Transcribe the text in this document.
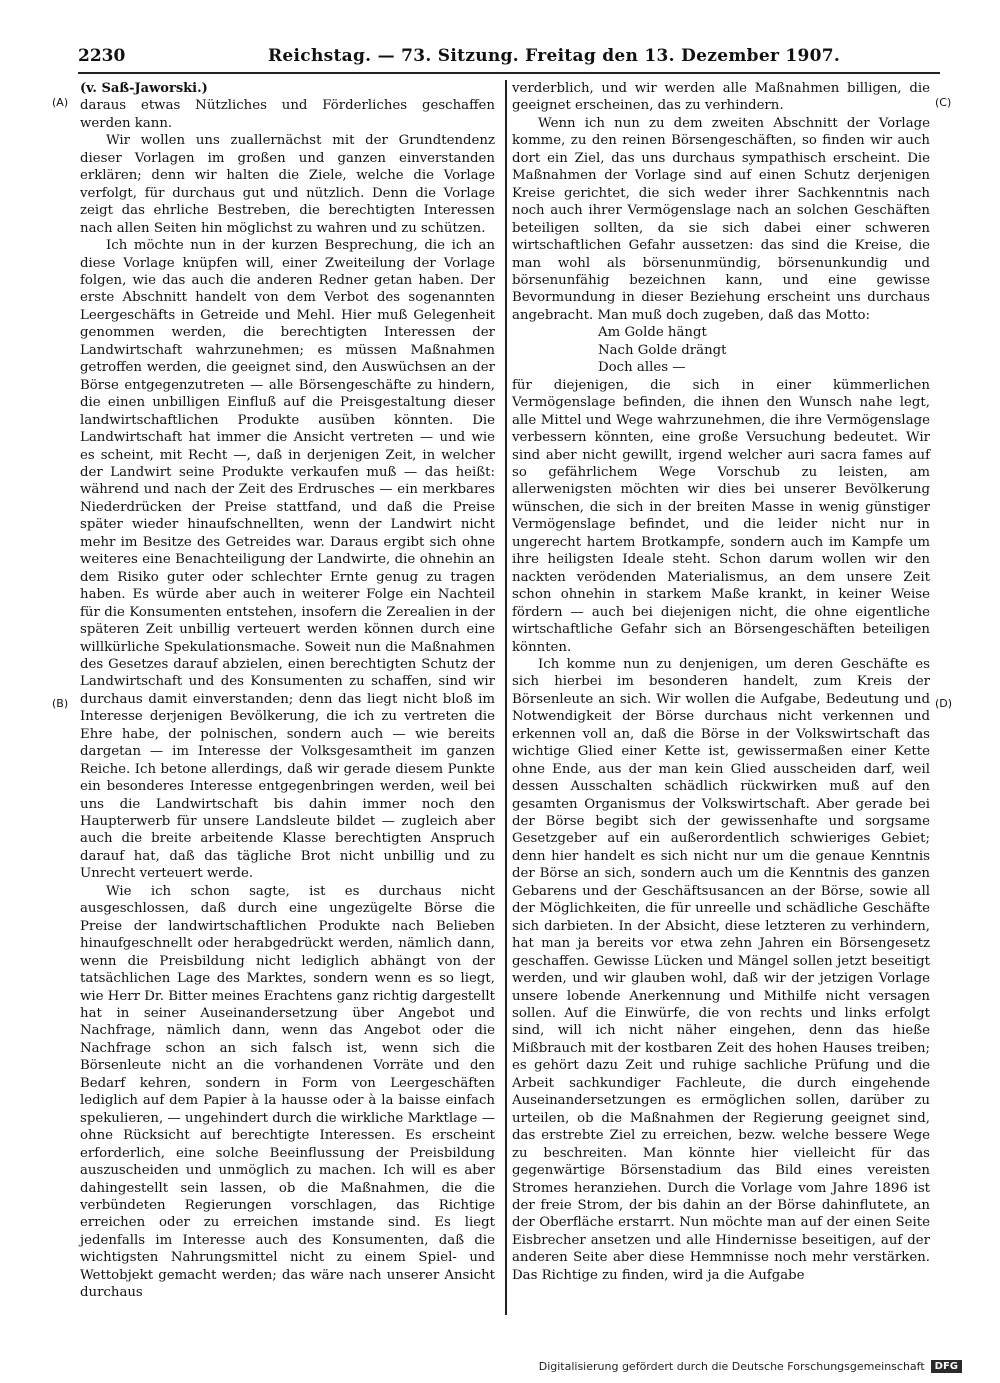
2230	Reichstag. — 73. Sitzung. Freitag den 13. Dezember 1907.
(A)
(B)
(C)
(D)

(v. Saß-Jaworski.)

daraus etwas Nützliches und Förderliches geschaffen werden kann.

Wir wollen uns zuallernächst mit der Grundtendenz dieser Vorlagen im großen und ganzen einverstanden erklären; denn wir halten die Ziele, welche die Vorlage verfolgt, für durchaus gut und nützlich. Denn die Vorlage zeigt das ehrliche Bestreben, die berechtigten Interessen nach allen Seiten hin möglichst zu wahren und zu schützen.

Ich möchte nun in der kurzen Besprechung, die ich an diese Vorlage knüpfen will, einer Zweiteilung der Vorlage folgen, wie das auch die anderen Redner getan haben. Der erste Abschnitt handelt von dem Verbot des sogenannten Leergeschäfts in Getreide und Mehl. Hier muß Gelegenheit genommen werden, die berechtigten Interessen der Landwirtschaft wahrzunehmen; es müssen Maßnahmen getroffen werden, die geeignet sind, den Auswüchsen an der Börse entgegenzutreten — alle Börsengeschäfte zu hindern, die einen unbilligen Einfluß auf die Preisgestaltung dieser landwirtschaftlichen Produkte ausüben könnten. Die Landwirtschaft hat immer die Ansicht vertreten — und wie es scheint, mit Recht —, daß in derjenigen Zeit, in welcher der Landwirt seine Produkte verkaufen muß — das heißt: während und nach der Zeit des Erdrusches — ein merkbares Niederdrücken der Preise stattfand, und daß die Preise später wieder hinaufschnellten, wenn der Landwirt nicht mehr im Besitze des Getreides war. Daraus ergibt sich ohne weiteres eine Benachteiligung der Landwirte, die ohnehin an dem Risiko guter oder schlechter Ernte genug zu tragen haben. Es würde aber auch in weiterer Folge ein Nachteil für die Konsumenten entstehen, insofern die Zerealien in der späteren Zeit unbillig verteuert werden können durch eine willkürliche Spekulationsmache. Soweit nun die Maßnahmen des Gesetzes darauf abzielen, einen berechtigten Schutz der Landwirtschaft und des Konsumenten zu schaffen, sind wir durchaus damit einverstanden; denn das liegt nicht bloß im Interesse derjenigen Bevölkerung, die ich zu vertreten die Ehre habe, der polnischen, sondern auch — wie bereits dargetan — im Interesse der Volksgesamtheit im ganzen Reiche. Ich betone allerdings, daß wir gerade diesem Punkte ein besonderes Interesse entgegenbringen werden, weil bei uns die Landwirtschaft bis dahin immer noch den Haupterwerb für unsere Landsleute bildet — zugleich aber auch die breite arbeitende Klasse berechtigten Anspruch darauf hat, daß das tägliche Brot nicht unbillig und zu Unrecht verteuert werde.

Wie ich schon sagte, ist es durchaus nicht ausgeschlossen, daß durch eine ungezügelte Börse die Preise der landwirtschaftlichen Produkte nach Belieben hinaufgeschnellt oder herabgedrückt werden, nämlich dann, wenn die Preisbildung nicht lediglich abhängt von der tatsächlichen Lage des Marktes, sondern wenn es so liegt, wie Herr Dr. Bitter meines Erachtens ganz richtig dargestellt hat in seiner Auseinandersetzung über Angebot und Nachfrage, nämlich dann, wenn das Angebot oder die Nachfrage schon an sich falsch ist, wenn sich die Börsenleute nicht an die vorhandenen Vorräte und den Bedarf kehren, sondern in Form von Leergeschäften lediglich auf dem Papier à la hausse oder à la baisse einfach spekulieren, — ungehindert durch die wirkliche Marktlage — ohne Rücksicht auf berechtigte Interessen. Es erscheint erforderlich, eine solche Beeinflussung der Preisbildung auszuscheiden und unmöglich zu machen. Ich will es aber dahingestellt sein lassen, ob die Maßnahmen, die die verbündeten Regierungen vorschlagen, das Richtige erreichen oder zu erreichen imstande sind. Es liegt jedenfalls im Interesse auch des Konsumenten, daß die wichtigsten Nahrungsmittel nicht zu einem Spiel- und Wettobjekt gemacht werden; das wäre nach unserer Ansicht durchaus

verderblich, und wir werden alle Maßnahmen billigen, die geeignet erscheinen, das zu verhindern.

Wenn ich nun zu dem zweiten Abschnitt der Vorlage komme, zu den reinen Börsengeschäften, so finden wir auch dort ein Ziel, das uns durchaus sympathisch erscheint. Die Maßnahmen der Vorlage sind auf einen Schutz derjenigen Kreise gerichtet, die sich weder ihrer Sachkenntnis nach noch auch ihrer Vermögenslage nach an solchen Geschäften beteiligen sollten, da sie sich dabei einer schweren wirtschaftlichen Gefahr aussetzen: das sind die Kreise, die man wohl als börsenunmündig, börsenunkundig und börsenunfähig bezeichnen kann, und eine gewisse Bevormundung in dieser Beziehung erscheint uns durchaus angebracht. Man muß doch zugeben, daß das Motto:

Am Golde hängt

Nach Golde drängt

Doch alles —

für diejenigen, die sich in einer kümmerlichen Vermögenslage befinden, die ihnen den Wunsch nahe legt, alle Mittel und Wege wahrzunehmen, die ihre Vermögenslage verbessern könnten, eine große Versuchung bedeutet. Wir sind aber nicht gewillt, irgend welcher auri sacra fames auf so gefährlichem Wege Vorschub zu leisten, am allerwenigsten möchten wir dies bei unserer Bevölkerung wünschen, die sich in der breiten Masse in wenig günstiger Vermögenslage befindet, und die leider nicht nur in ungerecht hartem Brotkampfe, sondern auch im Kampfe um ihre heiligsten Ideale steht. Schon darum wollen wir den nackten verödenden Materialismus, an dem unsere Zeit schon ohnehin in starkem Maße krankt, in keiner Weise fördern — auch bei diejenigen nicht, die ohne eigentliche wirtschaftliche Gefahr sich an Börsengeschäften beteiligen könnten.

Ich komme nun zu denjenigen, um deren Geschäfte es sich hierbei im besonderen handelt, zum Kreis der Börsenleute an sich. Wir wollen die Aufgabe, Bedeutung und Notwendigkeit der Börse durchaus nicht verkennen und erkennen voll an, daß die Börse in der Volkswirtschaft das wichtige Glied einer Kette ist, gewissermaßen einer Kette ohne Ende, aus der man kein Glied ausscheiden darf, weil dessen Ausschalten schädlich rückwirken muß auf den gesamten Organismus der Volkswirtschaft. Aber gerade bei der Börse begibt sich der gewissenhafte und sorgsame Gesetzgeber auf ein außerordentlich schwieriges Gebiet; denn hier handelt es sich nicht nur um die genaue Kenntnis der Börse an sich, sondern auch um die Kenntnis des ganzen Gebarens und der Geschäftsusancen an der Börse, sowie all der Möglichkeiten, die für unreelle und schädliche Geschäfte sich darbieten. In der Absicht, diese letzteren zu verhindern, hat man ja bereits vor etwa zehn Jahren ein Börsengesetz geschaffen. Gewisse Lücken und Mängel sollen jetzt beseitigt werden, und wir glauben wohl, daß wir der jetzigen Vorlage unsere lobende Anerkennung und Mithilfe nicht versagen sollen. Auf die Einwürfe, die von rechts und links erfolgt sind, will ich nicht näher eingehen, denn das hieße Mißbrauch mit der kostbaren Zeit des hohen Hauses treiben; es gehört dazu Zeit und ruhige sachliche Prüfung und die Arbeit sachkundiger Fachleute, die durch eingehende Auseinandersetzungen es ermöglichen sollen, darüber zu urteilen, ob die Maßnahmen der Regierung geeignet sind, das erstrebte Ziel zu erreichen, bezw. welche bessere Wege zu beschreiten. Man könnte hier vielleicht für das gegenwärtige Börsenstadium das Bild eines vereisten Stromes heranziehen. Durch die Vorlage vom Jahre 1896 ist der freie Strom, der bis dahin an der Börse dahinflutete, an der Oberfläche erstarrt. Nun möchte man auf der einen Seite Eisbrecher ansetzen und alle Hindernisse beseitigen, auf der anderen Seite aber diese Hemmnisse noch mehr verstärken. Das Richtige zu finden, wird ja die Aufgabe

Digitalisierung gefördert durch die Deutsche Forschungsgemeinschaft	DFG
